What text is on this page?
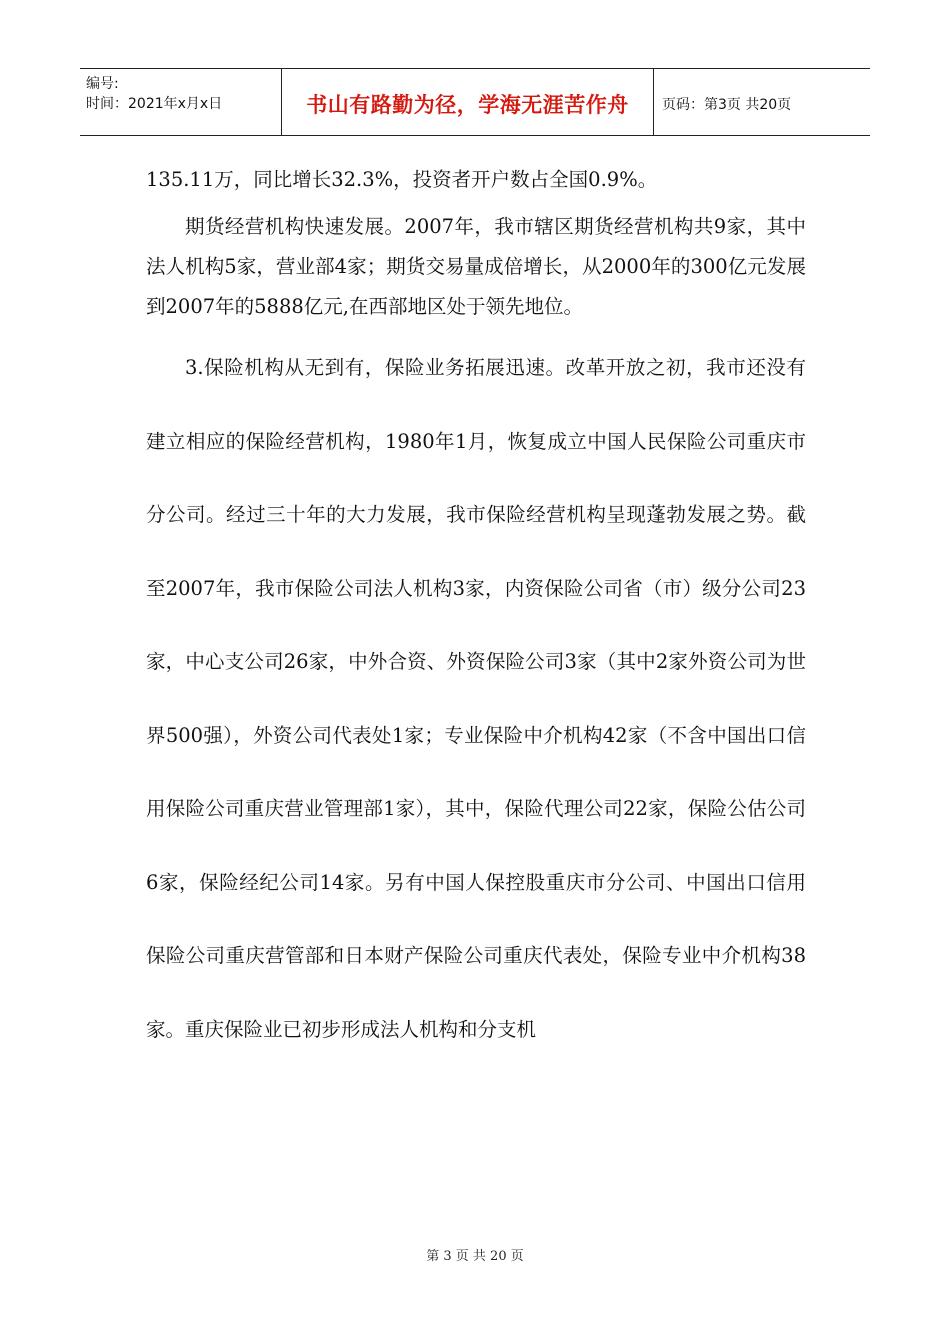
编号:
时间：2021年x月x日	书山有路勤为径，学海无涯苦作舟 页码：第3页 共20页

135.11万，同比增长32.3%，投资者开户数占全国0.9%。

期货经营机构快速发展。2007年，我市辖区期货经营机构共9家，其中法人机构5家，营业部4家；期货交易量成倍增长，从2000年的300亿元发展到2007年的5888亿元,在西部地区处于领先地位。

3.保险机构从无到有，保险业务拓展迅速。改革开放之初，我市还没有建立相应的保险经营机构，1980年1月，恢复成立中国人民保险公司重庆市分公司。经过三十年的大力发展，我市保险经营机构呈现蓬勃发展之势。截至2007年，我市保险公司法人机构3家，内资保险公司省（市）级分公司23家，中心支公司26家，中外合资、外资保险公司3家（其中2家外资公司为世界500强），外资公司代表处1家；专业保险中介机构42家（不含中国出口信用保险公司重庆营业管理部1家），其中，保险代理公司22家，保险公估公司6家，保险经纪公司14家。另有中国人保控股重庆市分公司、中国出口信用保险公司重庆营管部和日本财产保险公司重庆代表处，保险专业中介机构38家。重庆保险业已初步形成法人机构和分支机

第 3 页 共 20 页
